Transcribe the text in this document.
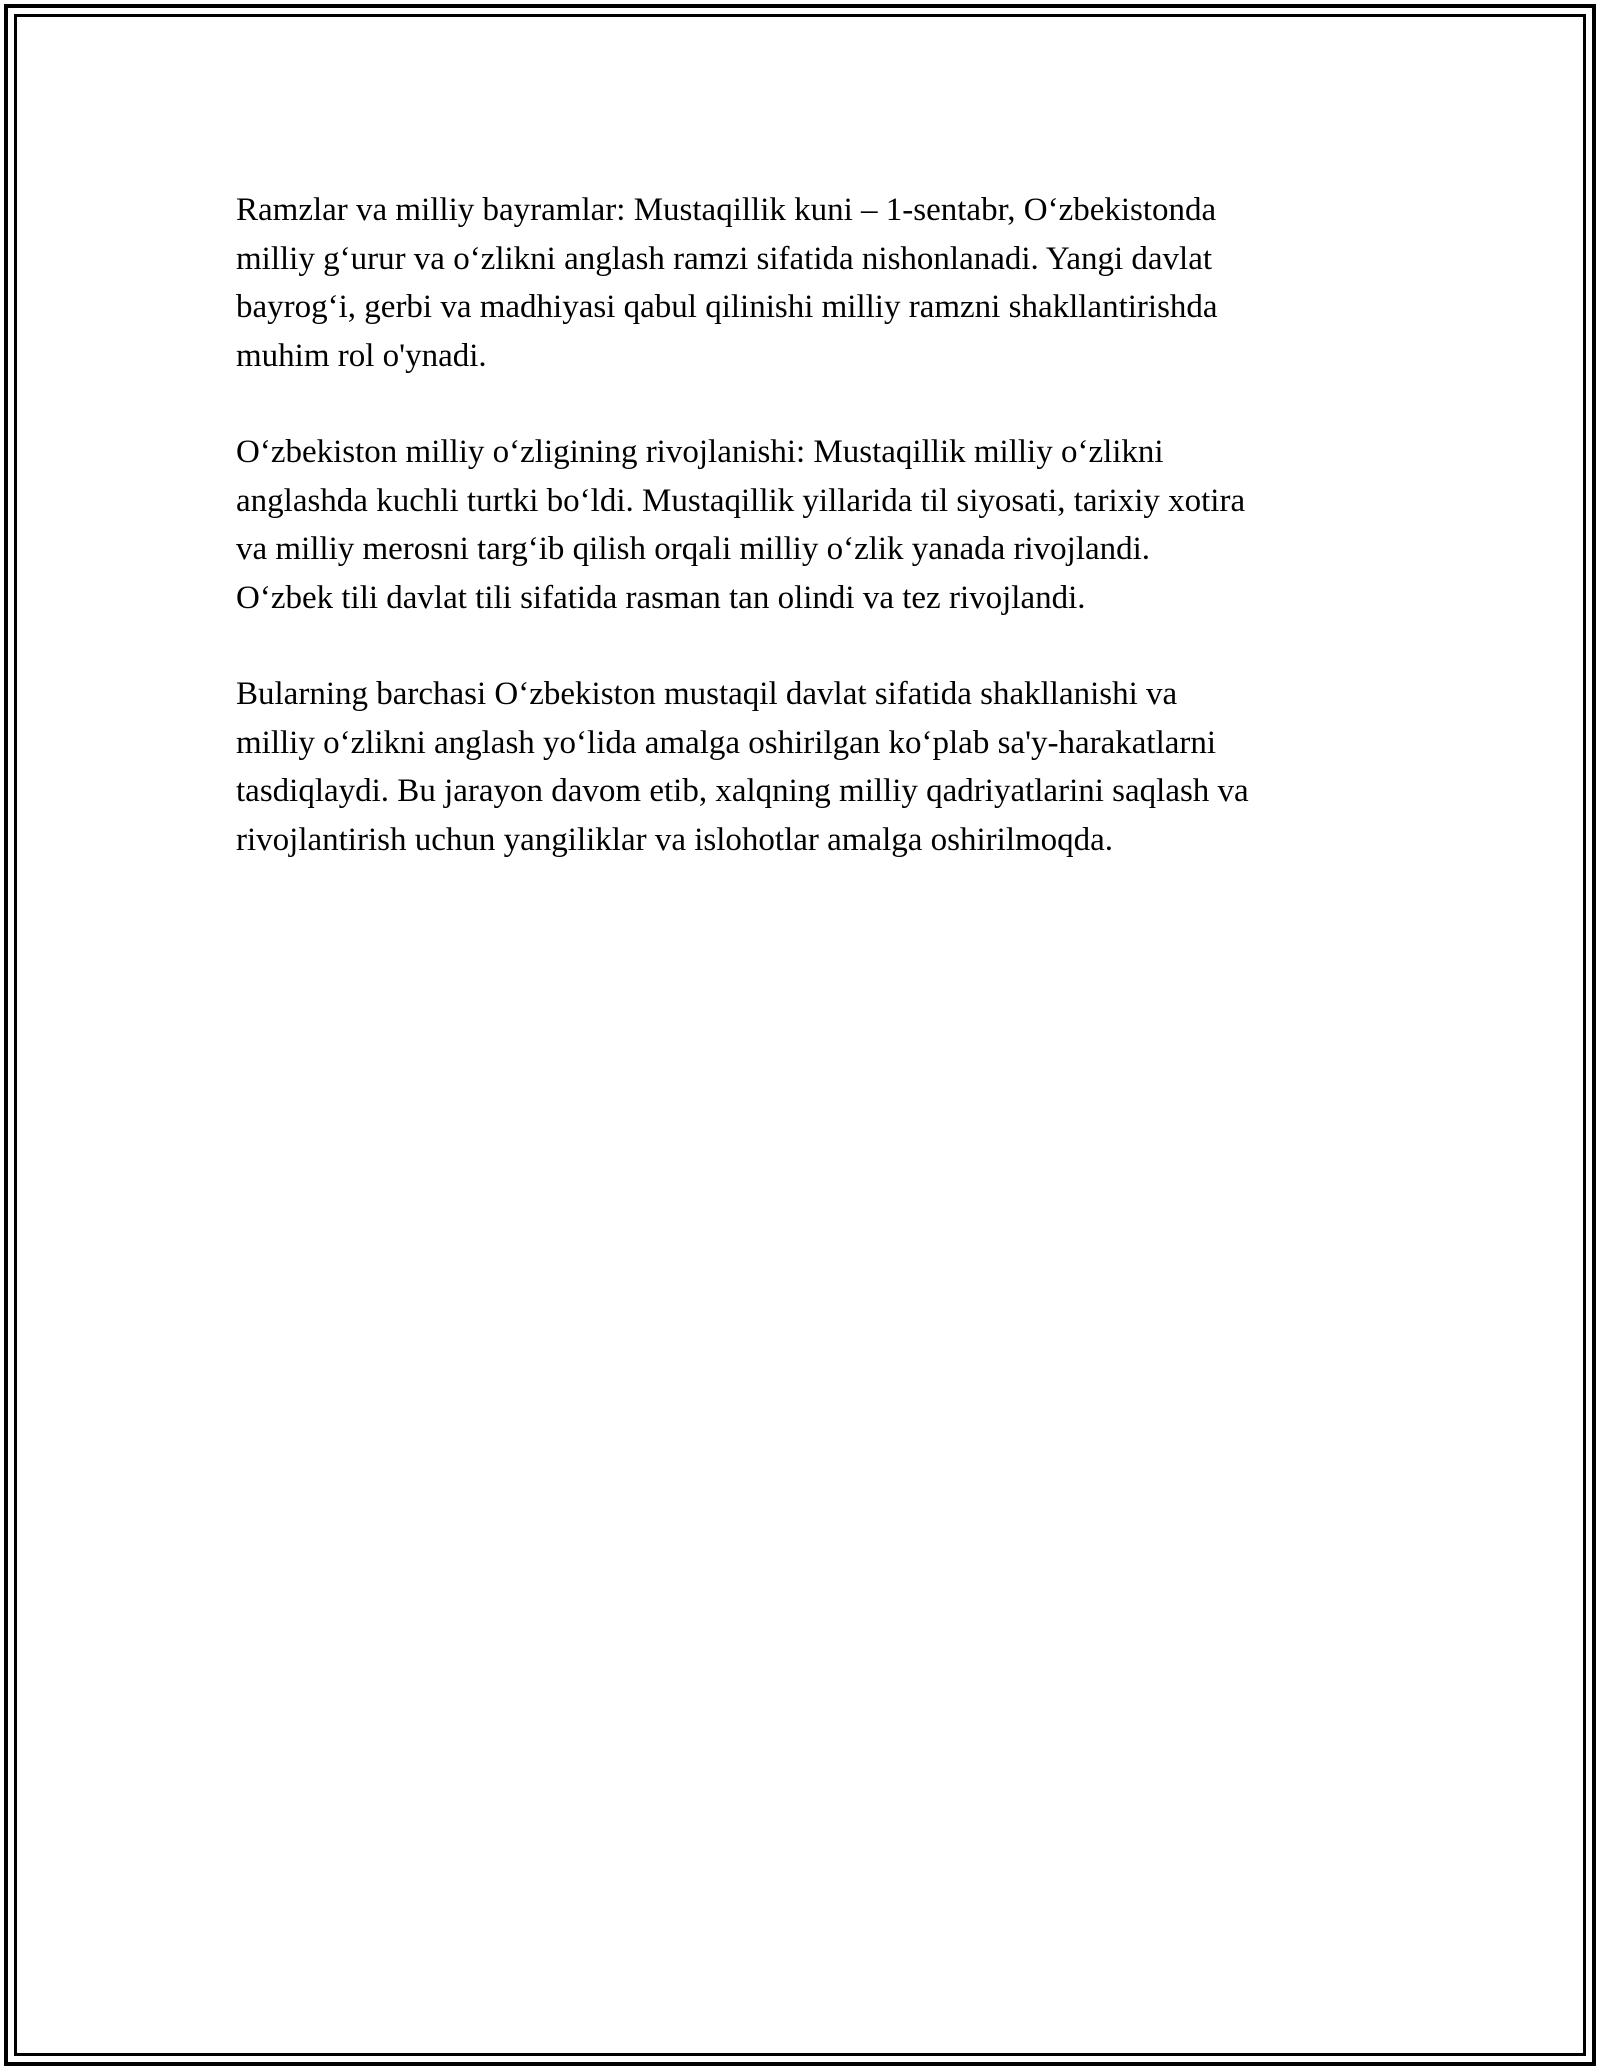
Ramzlar va milliy bayramlar: Mustaqillik kuni – 1-sentabr, O‘zbekistonda
milliy g‘urur va o‘zlikni anglash ramzi sifatida nishonlanadi. Yangi davlat
bayrog‘i, gerbi va madhiyasi qabul qilinishi milliy ramzni shakllantirishda
muhim rol o'ynadi.

O‘zbekiston milliy o‘zligining rivojlanishi: Mustaqillik milliy o‘zlikni
anglashda kuchli turtki bo‘ldi. Mustaqillik yillarida til siyosati, tarixiy xotira
va milliy merosni targ‘ib qilish orqali milliy o‘zlik yanada rivojlandi.
O‘zbek tili davlat tili sifatida rasman tan olindi va tez rivojlandi.

Bularning barchasi O‘zbekiston mustaqil davlat sifatida shakllanishi va
milliy o‘zlikni anglash yo‘lida amalga oshirilgan ko‘plab sa'y-harakatlarni
tasdiqlaydi. Bu jarayon davom etib, xalqning milliy qadriyatlarini saqlash va
rivojlantirish uchun yangiliklar va islohotlar amalga oshirilmoqda.
